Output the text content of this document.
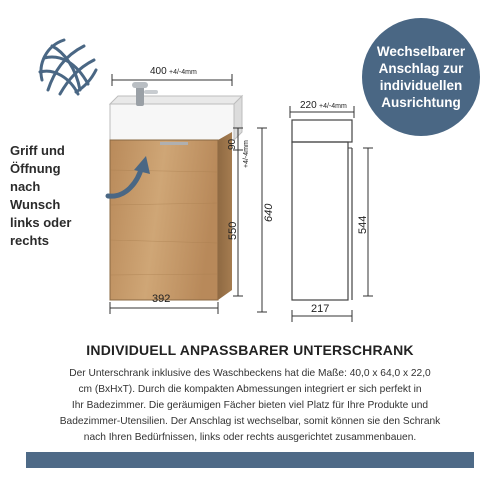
Wechselbarer
Anschlag zur
individuellen
Ausrichtung
Griff und
Öffnung
nach
Wunsch
links oder
rechts
400 +4/-4mm
392
90 +4/-4mm
550
640
220 +4/-4mm
544
217
INDIVIDUELL ANPASSBARER UNTERSCHRANK
Der Unterschrank inklusive des Waschbeckens hat die Maße: 40,0 x 64,0 x 22,0
cm (BxHxT). Durch die kompakten Abmessungen integriert er sich perfekt in
Ihr Badezimmer. Die geräumigen Fächer bieten viel Platz für Ihre Produkte und
Badezimmer-Utensilien. Der Anschlag ist wechselbar, somit können sie den Schrank
nach Ihren Bedürfnissen, links oder rechts ausgerichtet zusammenbauen.
